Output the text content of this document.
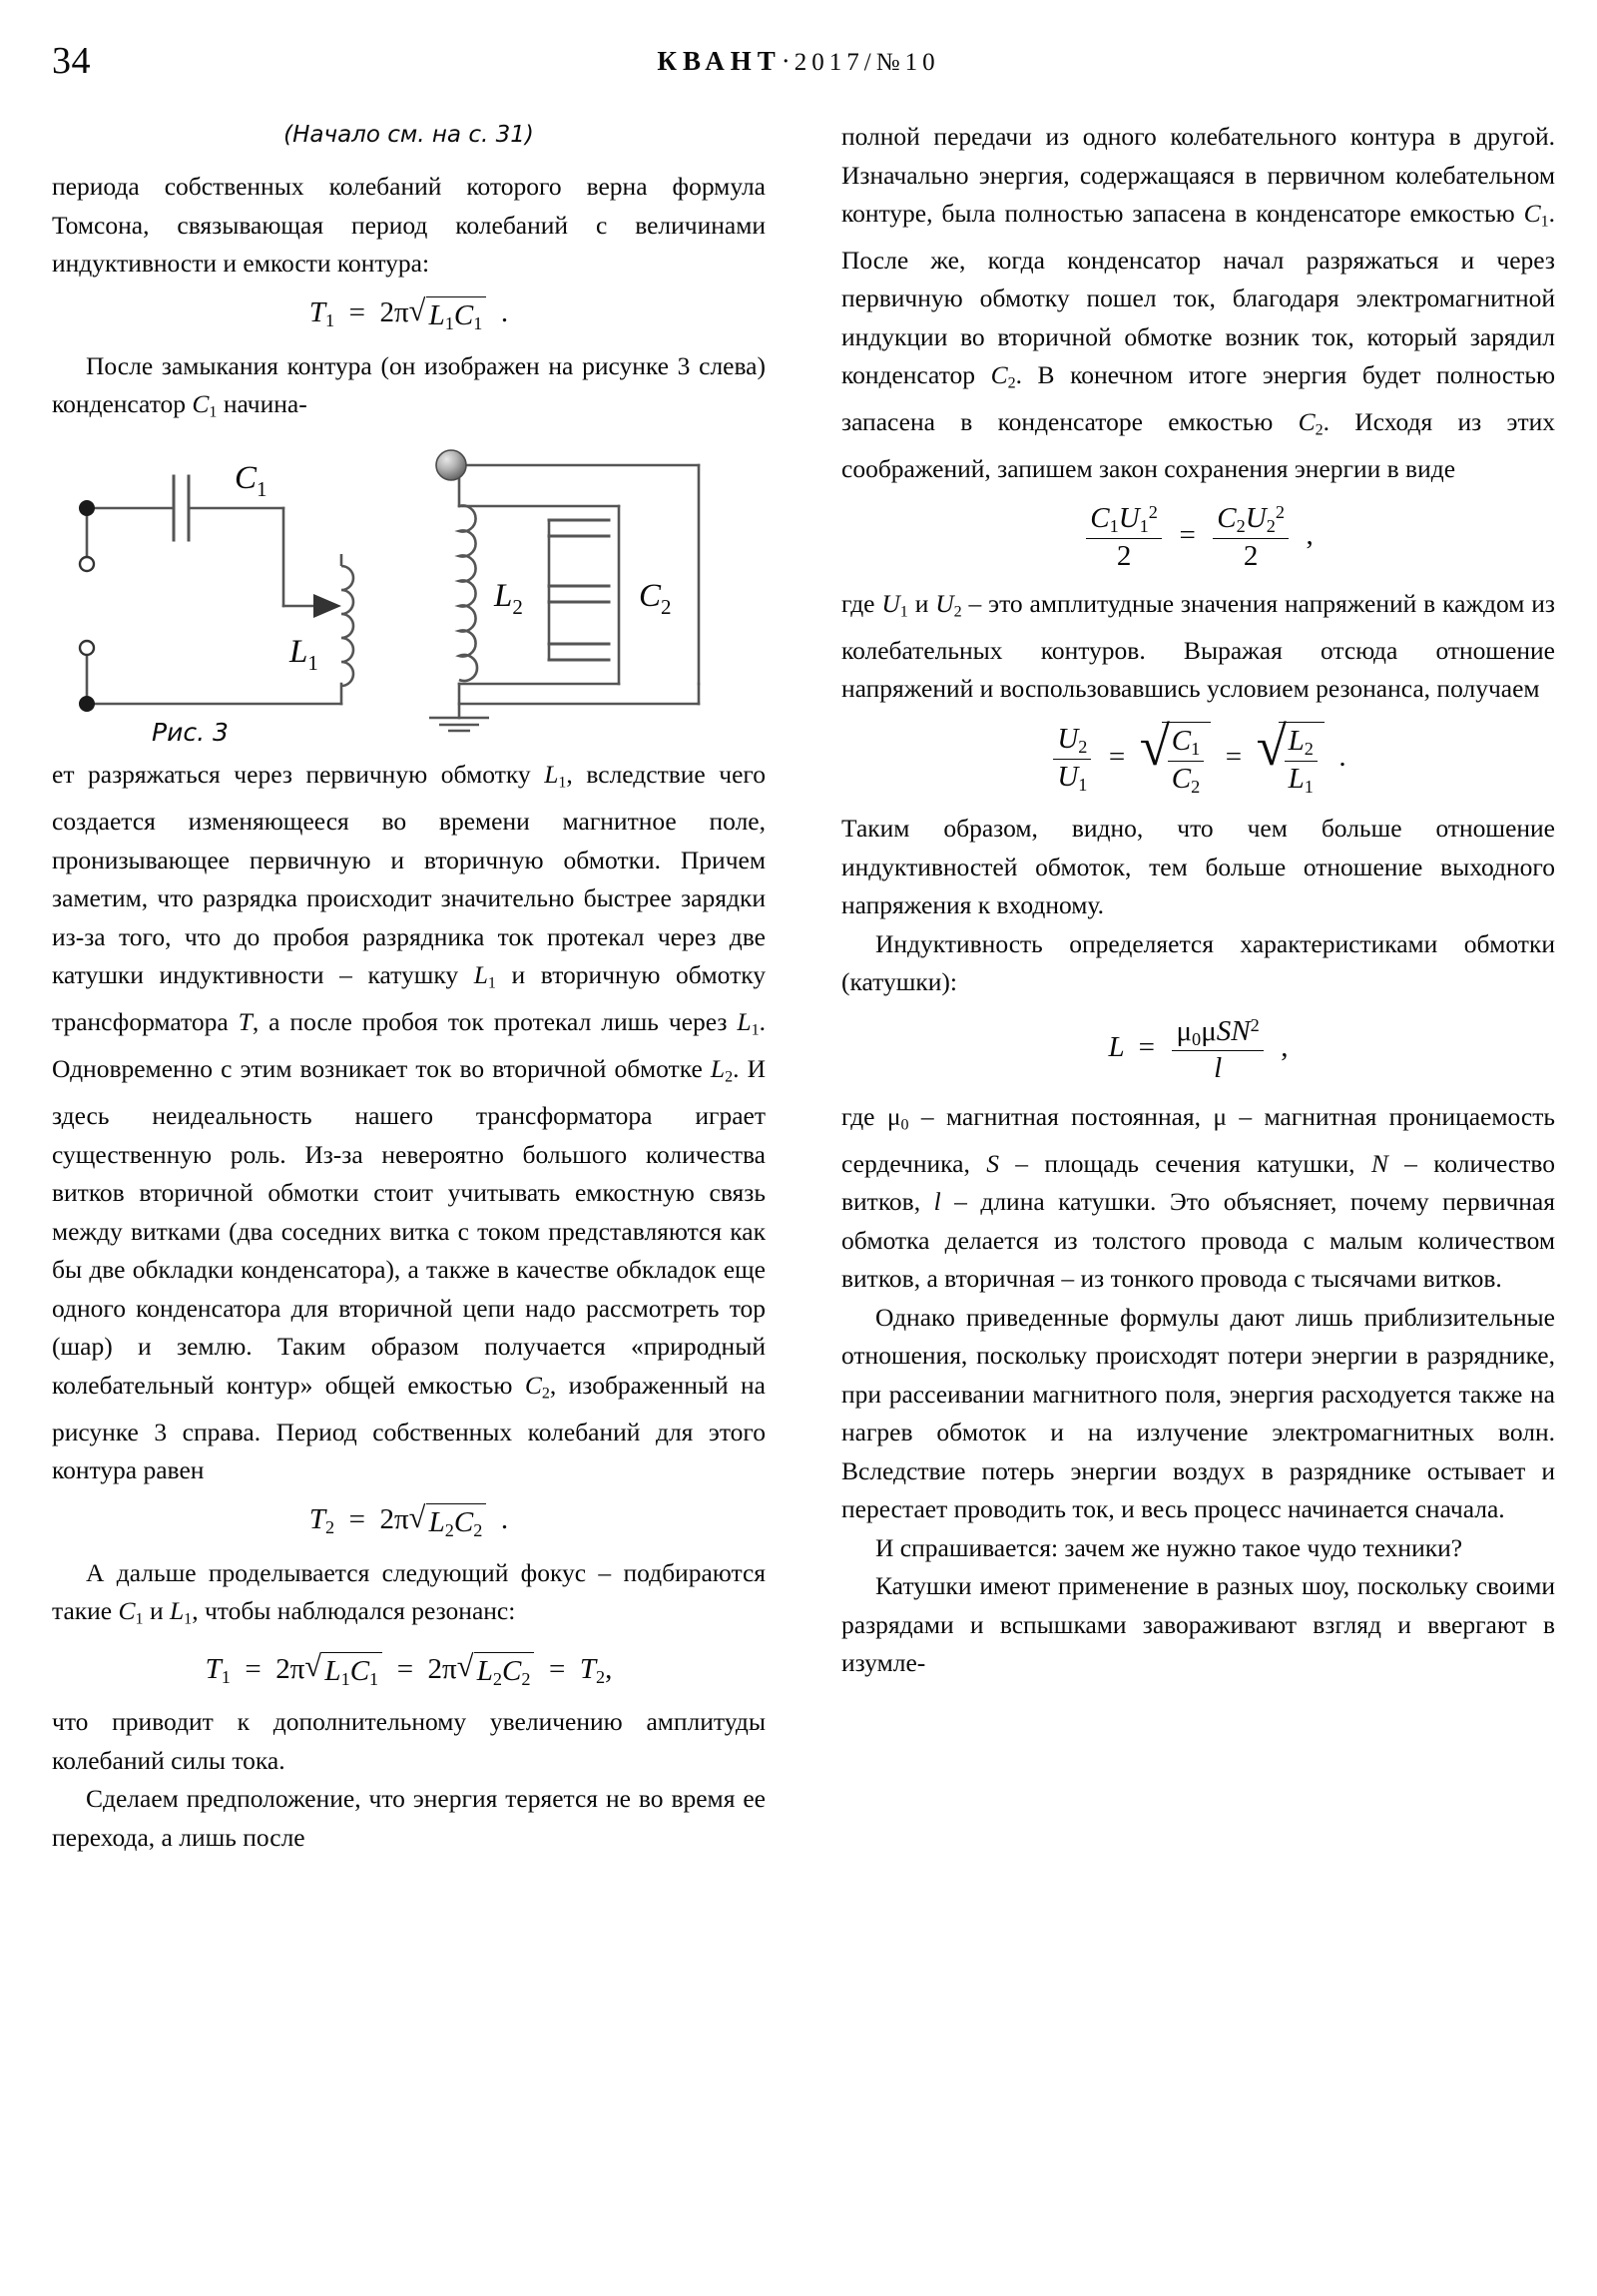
34	КВАНТ·2017/№10
(Начало см. на с. 31)

периода собственных колебаний которого верна формула Томсона, связывающая период колебаний с величинами индуктивности и емкости контура:

$T_1 = 2\pi$ √ $L_1C_1$ .

После замыкания контура (он изображен на рисунке 3 слева) конденсатор $C_1$ начина-

$C_1$
$L_1$
$L_2$	$C_2$
Рис. 3

ет разряжаться через первичную обмотку $L_1$, вследствие чего создается изменяющееся во времени магнитное поле, пронизывающее первичную и вторичную обмотки. Причем заметим, что разрядка происходит значительно быстрее зарядки из-за того, что до пробоя разрядника ток протекал через две катушки индуктивности – катушку $L_1$ и вторичную обмотку трансформатора T, а после пробоя ток протекал лишь через $L_1$. Одновременно с этим возникает ток во вторичной обмотке $L_2$. И здесь неидеальность нашего трансформатора играет существенную роль. Из-за невероятно большого количества витков вторичной обмотки стоит учитывать емкостную связь между витками (два соседних витка с током представляются как бы две обкладки конденсатора), а также в качестве обкладок еще одного конденсатора для вторичной цепи надо рассмотреть тор (шар) и землю. Таким образом получается «природный колебательный контур» общей емкостью $C_2$, изображенный на рисунке 3 справа. Период собственных колебаний для этого контура равен

$T_2 = 2\pi$ √ $L_2C_2$ .

А дальше проделывается следующий фокус – подбираются такие $C_1$ и $L_1$, чтобы наблюдался резонанс:

$T_1 = 2\pi$ √ $L_1C_1 = 2\pi$ √ $L_2C_2 = T_2$,

что приводит к дополнительному увеличению амплитуды колебаний силы тока.

Сделаем предположение, что энергия теряется не во время ее перехода, а лишь после

полной передачи из одного колебательного контура в другой. Изначально энергия, содержащаяся в первичном колебательном контуре, была полностью запасена в конденсаторе емкостью $C_1$. После же, когда конденсатор начал разряжаться и через первичную обмотку пошел ток, благодаря электромагнитной индукции во вторичной обмотке возник ток, который зарядил конденсатор $C_2$. В конечном итоге энергия будет полностью запасена в конденсаторе емкостью $C_2$. Исходя из этих соображений, запишем закон сохранения энергии в виде

$\frac{C_1U_1^2}{2} = \frac{C_2U_2^2}{2}$ ,

где $U_1$ и $U_2$ – это амплитудные значения напряжений в каждом из колебательных контуров. Выражая отсюда отношение напряжений и воспользовавшись условием резонанса, получаем

$\frac{U_2}{U_1}$ = √
$\frac{C_1}{C_2}$ = √
$\frac{L_2}{L_1}$ .

Таким образом, видно, что чем больше отношение индуктивностей обмоток, тем больше отношение выходного напряжения к входному.

Индуктивность определяется характеристиками обмотки (катушки):

$L = \frac{\mu_0\mu SN^2}{l}$ ,

где $\mu_0$ – магнитная постоянная, μ – магнитная проницаемость сердечника, S – площадь сечения катушки, N – количество витков, l – длина катушки. Это объясняет, почему первичная обмотка делается из толстого провода с малым количеством витков, а вторичная – из тонкого провода с тысячами витков.

Однако приведенные формулы дают лишь приблизительные отношения, поскольку происходят потери энергии в разряднике, при рассеивании магнитного поля, энергия расходуется также на нагрев обмоток и на излучение электромагнитных волн. Вследствие потерь энергии воздух в разряднике остывает и перестает проводить ток, и весь процесс начинается сначала.

И спрашивается: зачем же нужно такое чудо техники?

Катушки имеют применение в разных шоу, поскольку своими разрядами и вспышками завораживают взгляд и ввергают в изумле-
